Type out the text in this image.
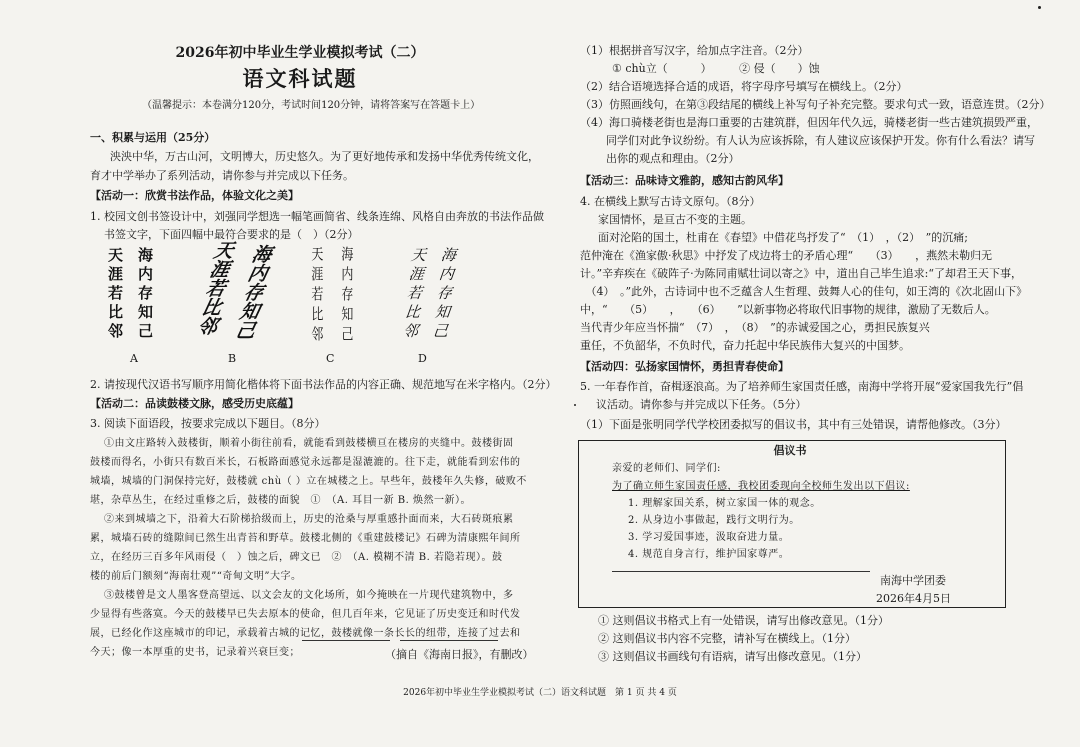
2026年初中毕业生学业模拟考试（二）
语文科试题
（温馨提示：本卷满分120分，考试时间120分钟，请将答案写在答题卡上）
一、积累与运用（25分）
泱泱中华，万古山河，文明博大，历史悠久。为了更好地传承和发扬中华优秀传统文化，
育才中学举办了系列活动，请你参与并完成以下任务。
【活动一：欣赏书法作品，体验文化之美】
1. 校园文创书签设计中，刘强同学想选一幅笔画简省、线条连绵、风格自由奔放的书法作品做
书签文字，下面四幅中最符合要求的是（　）（2分）
天涯若比邻
海内存知己
A
天涯若比邻
海内存知己
B
天涯若比邻
海内存知己
C
天涯若比邻
海内存知己
D
2. 请按现代汉语书写顺序用简化楷体将下面书法作品的内容正确、规范地写在米字格内。（2分）
【活动二：品读鼓楼文脉，感受历史底蕴】
3. 阅读下面语段，按要求完成以下题目。（8分）
①由文庄路转入鼓楼街，顺着小街往前看，就能看到鼓楼横亘在楼房的夹缝中。鼓楼街固
鼓楼而得名，小街只有数百米长，石板路面感觉永远都是湿漉漉的。往下走，就能看到宏伟的
城墙，城墙的门洞保持完好，鼓楼就 chù（ ）立在城楼之上。早些年，鼓楼年久失修，破败不
堪，杂草丛生，在经过重修之后，鼓楼的面貌　①　（A. 耳目一新 B. 焕然一新）。
②来到城墙之下，沿着大石阶梯拾级而上，历史的沧桑与厚重感扑面而来，大石砖斑痕累
累，城墙石砖的缝隙间已然生出青苔和野草。鼓楼北侧的《重建鼓楼记》石碑为清康熙年间所
立，在经历三百多年风雨侵（　）蚀之后，碑文已　②　（A. 模糊不清 B. 若隐若现）。鼓
楼的前后门额刻“海南壮观”“奇甸文明”大字。
③鼓楼曾是文人墨客登高望远、以文会友的文化场所，如今掩映在一片现代建筑物中，多
少显得有些落寞。今天的鼓楼早已失去原本的使命，但几百年来，它见证了历史变迁和时代发
展，已经化作这座城市的印记，承载着古城的记忆，鼓楼就像一条长长的纽带，连接了过去和
今天；像一本厚重的史书，记录着兴衰巨变；	（摘自《海南日报》，有删改）
（1）根据拼音写汉字，给加点字注音。（2分）
① chù立（　　　）　　　② 侵（　　）蚀
（2）结合语境选择合适的成语，将字母序号填写在横线上。（2分）
（3）仿照画线句，在第③段结尾的横线上补写句子补充完整。要求句式一致，语意连贯。（2分）
（4）海口骑楼老街也是海口重要的古建筑群，但因年代久远，骑楼老街一些古建筑损毁严重，
同学们对此争议纷纷。有人认为应该拆除，有人建议应该保护开发。你有什么看法？请写
出你的观点和理由。（2分）
【活动三：品味诗文雅韵，感知古韵风华】
4. 在横线上默写古诗文原句。（8分）
家国情怀，是亘古不变的主题。
面对沦陷的国土，杜甫在《春望》中借花鸟抒发了“　（1）　，（2）　”的沉痛;
范仲淹在《渔家傲·秋思》中抒发了戍边将士的矛盾心理“　　（3）　　，燕然未勒归无
计。”辛弃疾在《破阵子·为陈同甫赋壮词以寄之》中，道出自己毕生追求:“了却君王天下事，
　（4）　。”此外，古诗词中也不乏蕴含人生哲理、鼓舞人心的佳句，如王湾的《次北固山下》
中，“　　（5）　　，　　（6）　　”以新事物必将取代旧事物的规律，激励了无数后人。
当代青少年应当怀揣“　（7）　，　（8）　”的赤诚爱国之心，勇担民族复兴
重任，不负韶华，不负时代，奋力托起中华民族伟大复兴的中国梦。
【活动四：弘扬家国情怀，勇担青春使命】
5. 一年春作首，奋楫逐浪高。为了培养师生家国责任感，南海中学将开展“爱家国我先行”倡
议活动。请你参与并完成以下任务。（5分）
（1）下面是张明同学代学校团委拟写的倡议书，其中有三处错误，请帮他修改。（3分）
倡议书
亲爱的老师们、同学们:
为了确立师生家国责任感，我校团委现向全校师生发出以下倡议:
1. 理解家国关系，树立家国一体的观念。
2. 从身边小事做起，践行文明行为。
3. 学习爱国事迹，汲取奋进力量。
4. 规范自身言行，维护国家尊严。
南海中学团委
2026年4月5日
① 这则倡议书格式上有一处错误，请写出修改意见。（1分）
② 这则倡议书内容不完整，请补写在横线上。（1分）
③ 这则倡议书画线句有语病，请写出修改意见。（1分）
2026年初中毕业生学业模拟考试（二）语文科试题　第 1 页 共 4 页
